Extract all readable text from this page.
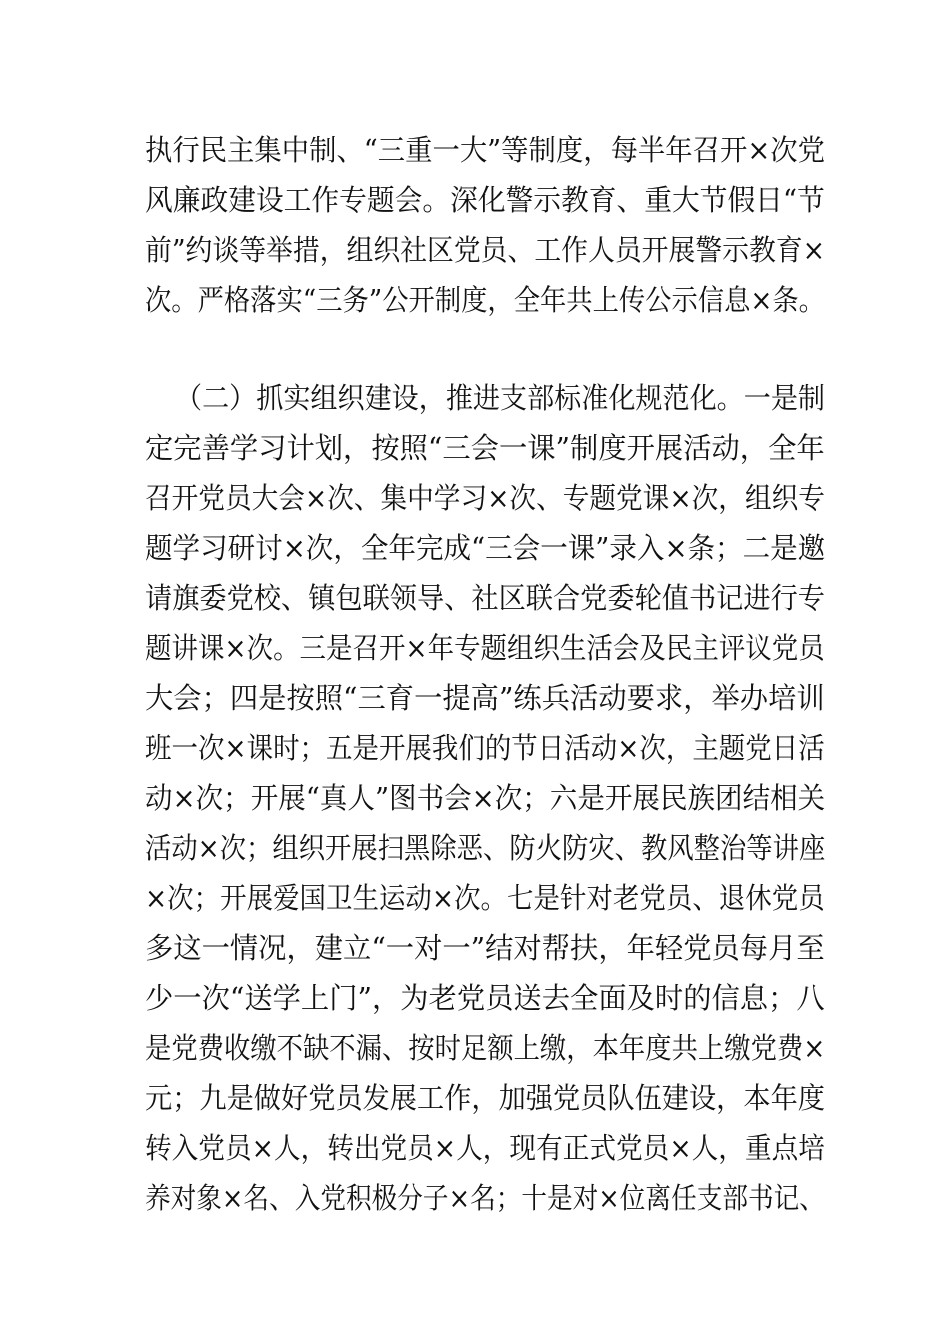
执行民主集中制、“三重一大”等制度，每半年召开×次党
风廉政建设工作专题会。深化警示教育、重大节假日“节
前”约谈等举措，组织社区党员、工作人员开展警示教育×
次。严格落实“三务”公开制度，全年共上传公示信息×条。
（二）抓实组织建设，推进支部标准化规范化。一是制
定完善学习计划，按照“三会一课”制度开展活动，全年
召开党员大会×次、集中学习×次、专题党课×次，组织专
题学习研讨×次，全年完成“三会一课”录入×条；二是邀
请旗委党校、镇包联领导、社区联合党委轮值书记进行专
题讲课×次。三是召开×年专题组织生活会及民主评议党员
大会；四是按照“三育一提高”练兵活动要求，举办培训
班一次×课时；五是开展我们的节日活动×次，主题党日活
动×次；开展“真人”图书会×次；六是开展民族团结相关
活动×次；组织开展扫黑除恶、防火防灾、教风整治等讲座
×次；开展爱国卫生运动×次。七是针对老党员、退休党员
多这一情况，建立“一对一”结对帮扶，年轻党员每月至
少一次“送学上门”，为老党员送去全面及时的信息；八
是党费收缴不缺不漏、按时足额上缴，本年度共上缴党费×
元；九是做好党员发展工作，加强党员队伍建设，本年度
转入党员×人，转出党员×人，现有正式党员×人，重点培
养对象×名、入党积极分子×名；十是对×位离任支部书记、
